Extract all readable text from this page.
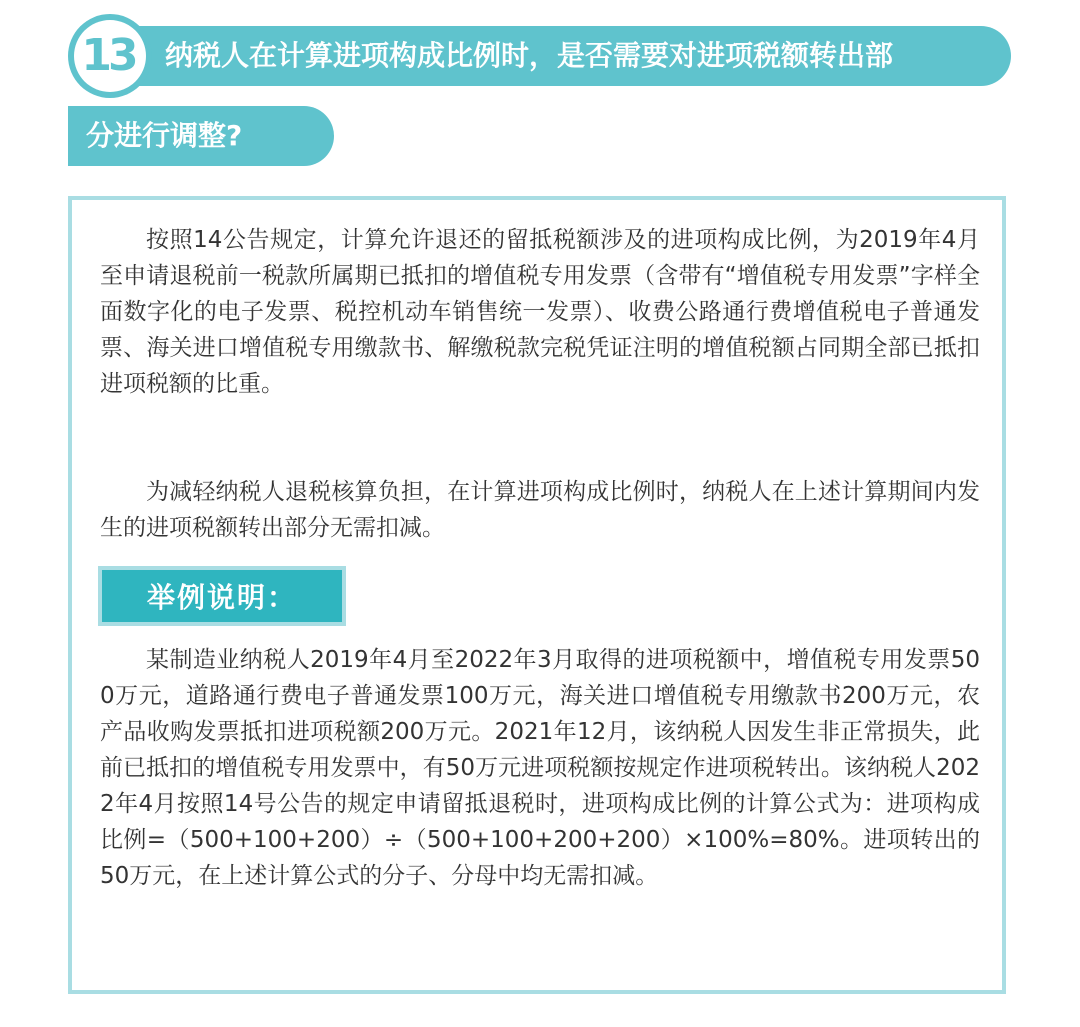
13 纳税人在计算进项构成比例时，是否需要对进项税额转出部
分进行调整?

按照14公告规定，计算允许退还的留抵税额涉及的进项构成比例，为2019年4月至申请退税前一税款所属期已抵扣的增值税专用发票（含带有“增值税专用发票”字样全面数字化的电子发票、税控机动车销售统一发票）、收费公路通行费增值税电子普通发票、海关进口增值税专用缴款书、解缴税款完税凭证注明的增值税额占同期全部已抵扣进项税额的比重。

为减轻纳税人退税核算负担，在计算进项构成比例时，纳税人在上述计算期间内发生的进项税额转出部分无需扣减。

举例说明：

某制造业纳税人2019年4月至2022年3月取得的进项税额中，增值税专用发票500万元，道路通行费电子普通发票100万元，海关进口增值税专用缴款书200万元，农产品收购发票抵扣进项税额200万元。2021年12月，该纳税人因发生非正常损失，此前已抵扣的增值税专用发票中，有50万元进项税额按规定作进项税转出。该纳税人2022年4月按照14号公告的规定申请留抵退税时，进项构成比例的计算公式为：进项构成比例=（500+100+200）÷（500+100+200+200）×100%=80%。进项转出的50万元，在上述计算公式的分子、分母中均无需扣减。
